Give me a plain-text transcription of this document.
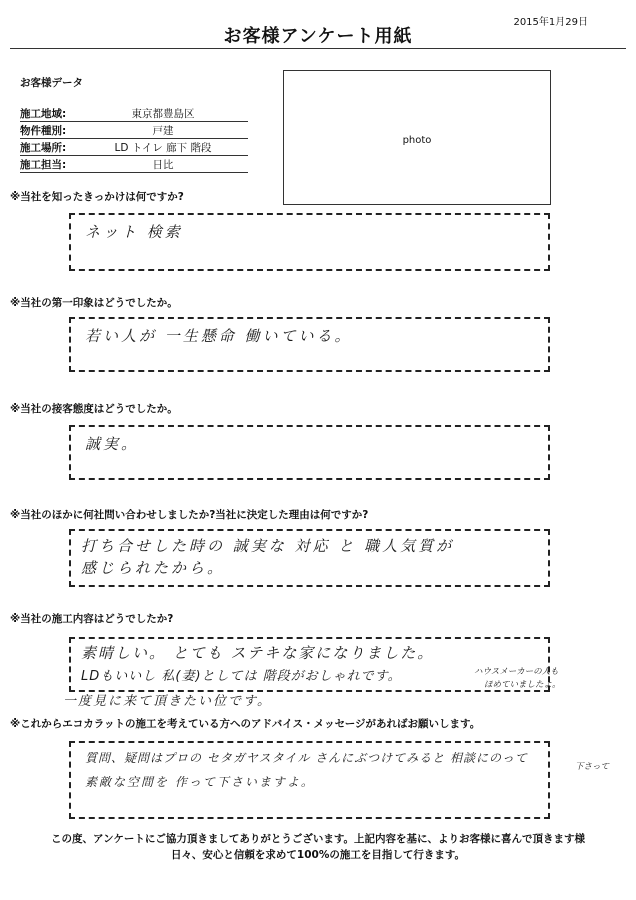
2015年1月29日
お客様アンケート用紙
お客様データ
施工地域:	東京都豊島区
物件種別:	戸建
施工場所:	LD トイレ 廊下 階段
施工担当:	日比
photo
※当社を知ったきっかけは何ですか?
ネット 検索
※当社の第一印象はどうでしたか。
若い人が 一生懸命 働いている。
※当社の接客態度はどうでしたか。
誠実。
※当社のほかに何社問い合わせしましたか?当社に決定した理由は何ですか?
打ち合せした時の 誠実な 対応 と 職人気質が
感じられたから。
※当社の施工内容はどうでしたか?
素晴しい。 とても ステキな家になりました。
LDもいいし 私(妻)としては 階段がおしゃれです。
一度見に来て頂きたい位です。
ハウスメーカーの人も
ほめていましたよ。
※これからエコカラットの施工を考えている方へのアドバイス・メッセージがあればお願いします。
質問、疑問はプロの セタガヤスタイル さんにぶつけてみると 相談にのって
素敵な空間を 作って下さいますよ。
下さって
この度、アンケートにご協力頂きましてありがとうございます。上記内容を基に、よりお客様に喜んで頂きます様
日々、安心と信頼を求めて100%の施工を目指して行きます。
